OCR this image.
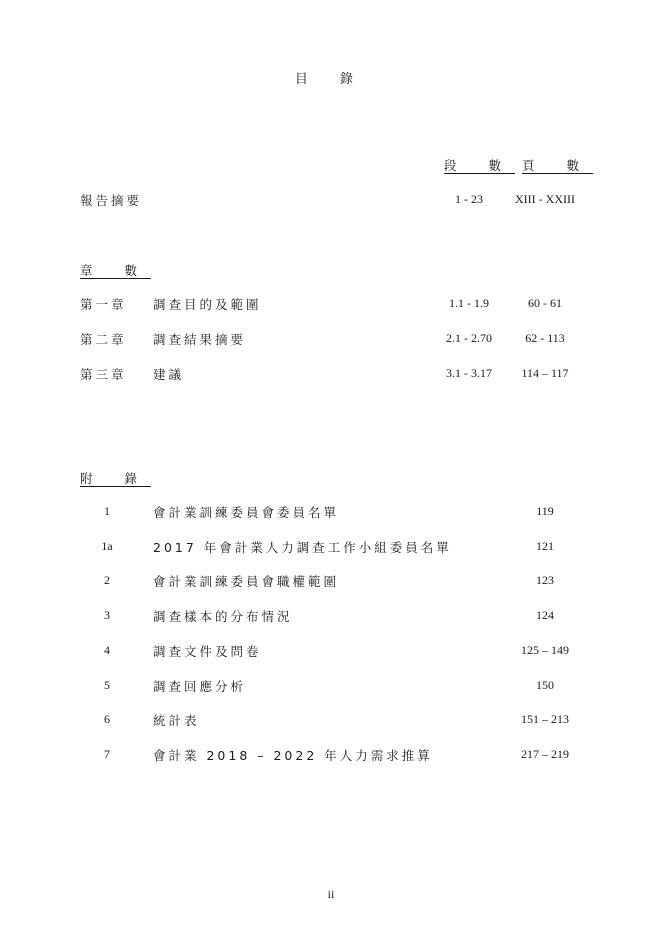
目 錄
段 數 頁 數
報告摘要	1 - 23	XIII - XXIII
章 數
第一章 調查目的及範圍	1.1 - 1.9	60 - 61
第二章 調查結果摘要	2.1 - 2.70	62 - 113
第三章 建議	3.1 - 3.17	114 – 117
附 錄
1	會計業訓練委員會委員名單	119
1a	2017 年會計業人力調查工作小組委員名單	121
2	會計業訓練委員會職權範圍	123
3	調查樣本的分布情況	124
4	調查文件及問卷	125 – 149
5	調查回應分析	150
6	統計表	151 – 213
7	會計業 2018 – 2022 年人力需求推算	217 – 219
ii
